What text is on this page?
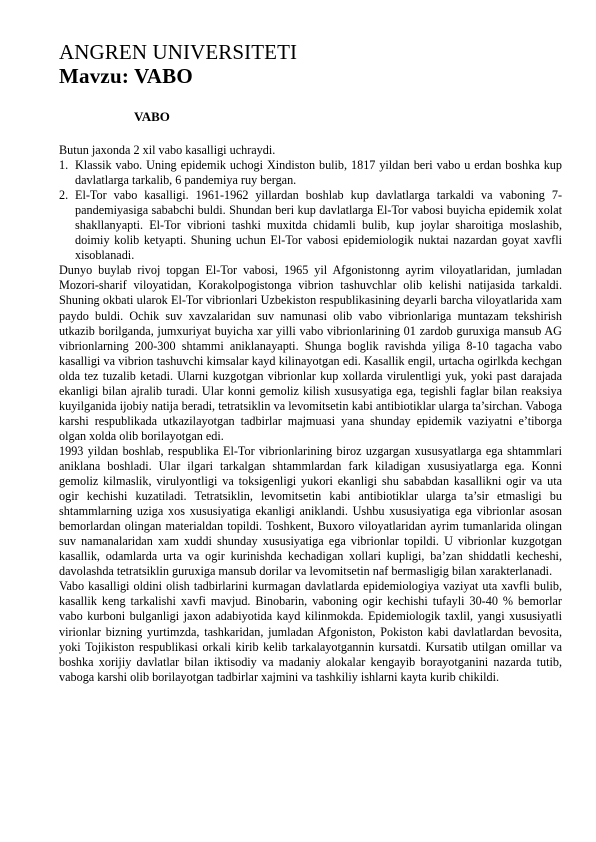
ANGREN UNIVERSITETI
Mavzu: VABO
VABO

Butun jaxonda 2 xil vabo kasalligi uchraydi.

1. Klassik vabo. Uning epidemik uchogi Xindiston bulib, 1817 yildan beri vabo u erdan boshka kup davlatlarga tarkalib, 6 pandemiya ruy bergan.
2. El-Tor vabo kasalligi. 1961-1962 yillardan boshlab kup davlatlarga tarkaldi va vaboning 7-pandemiyasiga sababchi buldi. Shundan beri kup davlatlarga El-Tor vabosi buyicha epidemik xolat shakllanyapti. El-Tor vibrioni tashki muxitda chidamli bulib, kup joylar sharoitiga moslashib, doimiy kolib ketyapti. Shuning uchun El-Tor vabosi epidemiologik nuktai nazardan goyat xavfli xisoblanadi.

Dunyo buylab rivoj topgan El-Tor vabosi, 1965 yil Afgonistonng ayrim viloyatlaridan, jumladan Mozori-sharif viloyatidan, Korakolpogistonga vibrion tashuvchlar olib kelishi natijasida tarkaldi. Shuning okbati ularok El-Tor vibrionlari Uzbekiston respublikasining deyarli barcha viloyatlarida xam paydo buldi. Ochik suv xavzalaridan suv namunasi olib vabo vibrionlariga muntazam tekshirish utkazib borilganda, jumxuriyat buyicha xar yilli vabo vibrionlarining 01 zardob guruxiga mansub AG vibrionlarning 200-300 shtammi aniklanayapti. Shunga boglik ravishda yiliga 8-10 tagacha vabo kasalligi va vibrion tashuvchi kimsalar kayd kilinayotgan edi. Kasallik engil, urtacha ogirlkda kechgan olda tez tuzalib ketadi. Ularni kuzgotgan vibrionlar kup xollarda virulentligi yuk, yoki past darajada ekanligi bilan ajralib turadi. Ular konni gemoliz kilish xususyatiga ega, tegishli faglar bilan reaksiya kuyilganida ijobiy natija beradi, tetratsiklin va levomitsetin kabi antibiotiklar ularga ta’sirchan. Vaboga karshi respublikada utkazilayotgan tadbirlar majmuasi yana shunday epidemik vaziyatni e’tiborga olgan xolda olib borilayotgan edi.

1993 yildan boshlab, respublika El-Tor vibrionlarining biroz uzgargan xususyatlarga ega shtammlari aniklana boshladi. Ular ilgari tarkalgan shtammlardan fark kiladigan xususiyatlarga ega. Konni gemoliz kilmaslik, virulyontligi va toksigenligi yukori ekanligi shu sababdan kasallikni ogir va uta ogir kechishi kuzatiladi. Tetratsiklin, levomitsetin kabi antibiotiklar ularga ta’sir etmasligi bu shtammlarning uziga xos xususiyatiga ekanligi aniklandi. Ushbu xususiyatiga ega vibrionlar asosan bemorlardan olingan materialdan topildi. Toshkent, Buxoro viloyatlaridan ayrim tumanlarida olingan suv namanalaridan xam xuddi shunday xususiyatiga ega vibrionlar topildi. U vibrionlar kuzgotgan kasallik, odamlarda urta va ogir kurinishda kechadigan xollari kupligi, ba’zan shiddatli kecheshi, davolashda tetratsiklin guruxiga mansub dorilar va levomitsetin naf bermasligig bilan xarakterlanadi.

Vabo kasalligi oldini olish tadbirlarini kurmagan davlatlarda epidemiologiya vaziyat uta xavfli bulib, kasallik keng tarkalishi xavfi mavjud. Binobarin, vaboning ogir kechishi tufayli 30-40 % bemorlar vabo kurboni bulganligi jaxon adabiyotida kayd kilinmokda. Epidemiologik taxlil, yangi xususiyatli virionlar bizning yurtimzda, tashkaridan, jumladan Afgoniston, Pokiston kabi davlatlardan bevosita, yoki Tojikiston respublikasi orkali kirib kelib tarkalayotgannin kursatdi. Kursatib utilgan omillar va boshka xorijiy davlatlar bilan iktisodiy va madaniy alokalar kengayib borayotganini nazarda tutib, vaboga karshi olib borilayotgan tadbirlar xajmini va tashkiliy ishlarni kayta kurib chikildi.
